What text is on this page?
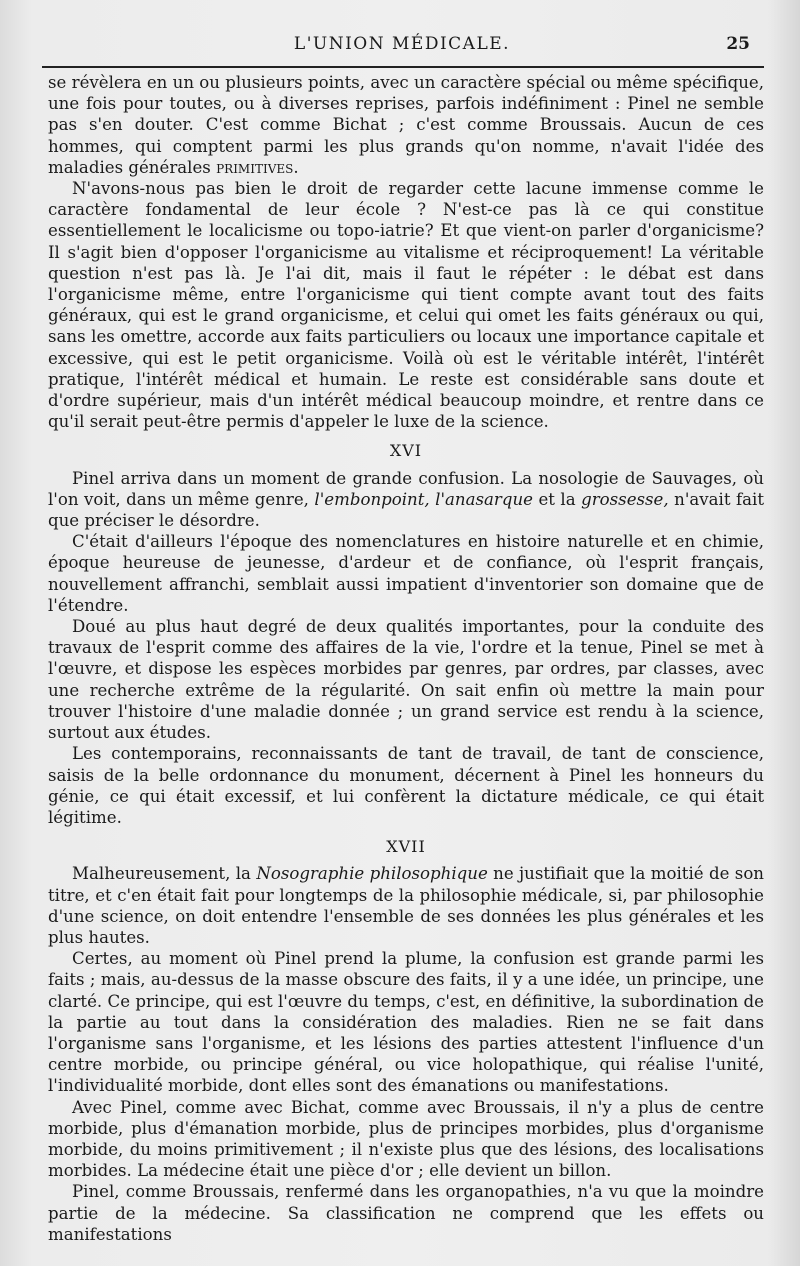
L'UNION MÉDICALE.	25

se révèlera en un ou plusieurs points, avec un caractère spécial ou même spécifique, une fois pour toutes, ou à diverses reprises, parfois indéfiniment : Pinel ne semble pas s'en douter. C'est comme Bichat ; c'est comme Broussais. Aucun de ces hommes, qui comptent parmi les plus grands qu'on nomme, n'avait l'idée des maladies générales primitives.

N'avons-nous pas bien le droit de regarder cette lacune immense comme le caractère fondamental de leur école ? N'est-ce pas là ce qui constitue essentiellement le localicisme ou topo-iatrie? Et que vient-on parler d'organicisme? Il s'agit bien d'opposer l'organicisme au vitalisme et réciproquement! La véritable question n'est pas là. Je l'ai dit, mais il faut le répéter : le débat est dans l'organicisme même, entre l'organicisme qui tient compte avant tout des faits généraux, qui est le grand organicisme, et celui qui omet les faits généraux ou qui, sans les omettre, accorde aux faits particuliers ou locaux une importance capitale et excessive, qui est le petit organicisme. Voilà où est le véritable intérêt, l'intérêt pratique, l'intérêt médical et humain. Le reste est considérable sans doute et d'ordre supérieur, mais d'un intérêt médical beaucoup moindre, et rentre dans ce qu'il serait peut-être permis d'appeler le luxe de la science.

XVI

Pinel arriva dans un moment de grande confusion. La nosologie de Sauvages, où l'on voit, dans un même genre, l'embonpoint, l'anasarque et la grossesse, n'avait fait que préciser le désordre.

C'était d'ailleurs l'époque des nomenclatures en histoire naturelle et en chimie, époque heureuse de jeunesse, d'ardeur et de confiance, où l'esprit français, nouvellement affranchi, semblait aussi impatient d'inventorier son domaine que de l'étendre.

Doué au plus haut degré de deux qualités importantes, pour la conduite des travaux de l'esprit comme des affaires de la vie, l'ordre et la tenue, Pinel se met à l'œuvre, et dispose les espèces morbides par genres, par ordres, par classes, avec une recherche extrême de la régularité. On sait enfin où mettre la main pour trouver l'histoire d'une maladie donnée ; un grand service est rendu à la science, surtout aux études.

Les contemporains, reconnaissants de tant de travail, de tant de conscience, saisis de la belle ordonnance du monument, décernent à Pinel les honneurs du génie, ce qui était excessif, et lui confèrent la dictature médicale, ce qui était légitime.

XVII

Malheureusement, la Nosographie philosophique ne justifiait que la moitié de son titre, et c'en était fait pour longtemps de la philosophie médicale, si, par philosophie d'une science, on doit entendre l'ensemble de ses données les plus générales et les plus hautes.

Certes, au moment où Pinel prend la plume, la confusion est grande parmi les faits ; mais, au-dessus de la masse obscure des faits, il y a une idée, un principe, une clarté. Ce principe, qui est l'œuvre du temps, c'est, en définitive, la subordination de la partie au tout dans la considération des maladies. Rien ne se fait dans l'organisme sans l'organisme, et les lésions des parties attestent l'influence d'un centre morbide, ou principe général, ou vice holopathique, qui réalise l'unité, l'individualité morbide, dont elles sont des émanations ou manifestations.

Avec Pinel, comme avec Bichat, comme avec Broussais, il n'y a plus de centre morbide, plus d'émanation morbide, plus de principes morbides, plus d'organisme morbide, du moins primitivement ; il n'existe plus que des lésions, des localisations morbides. La médecine était une pièce d'or ; elle devient un billon.

Pinel, comme Broussais, renfermé dans les organopathies, n'a vu que la moindre partie de la médecine. Sa classification ne comprend que les effets ou manifestations
